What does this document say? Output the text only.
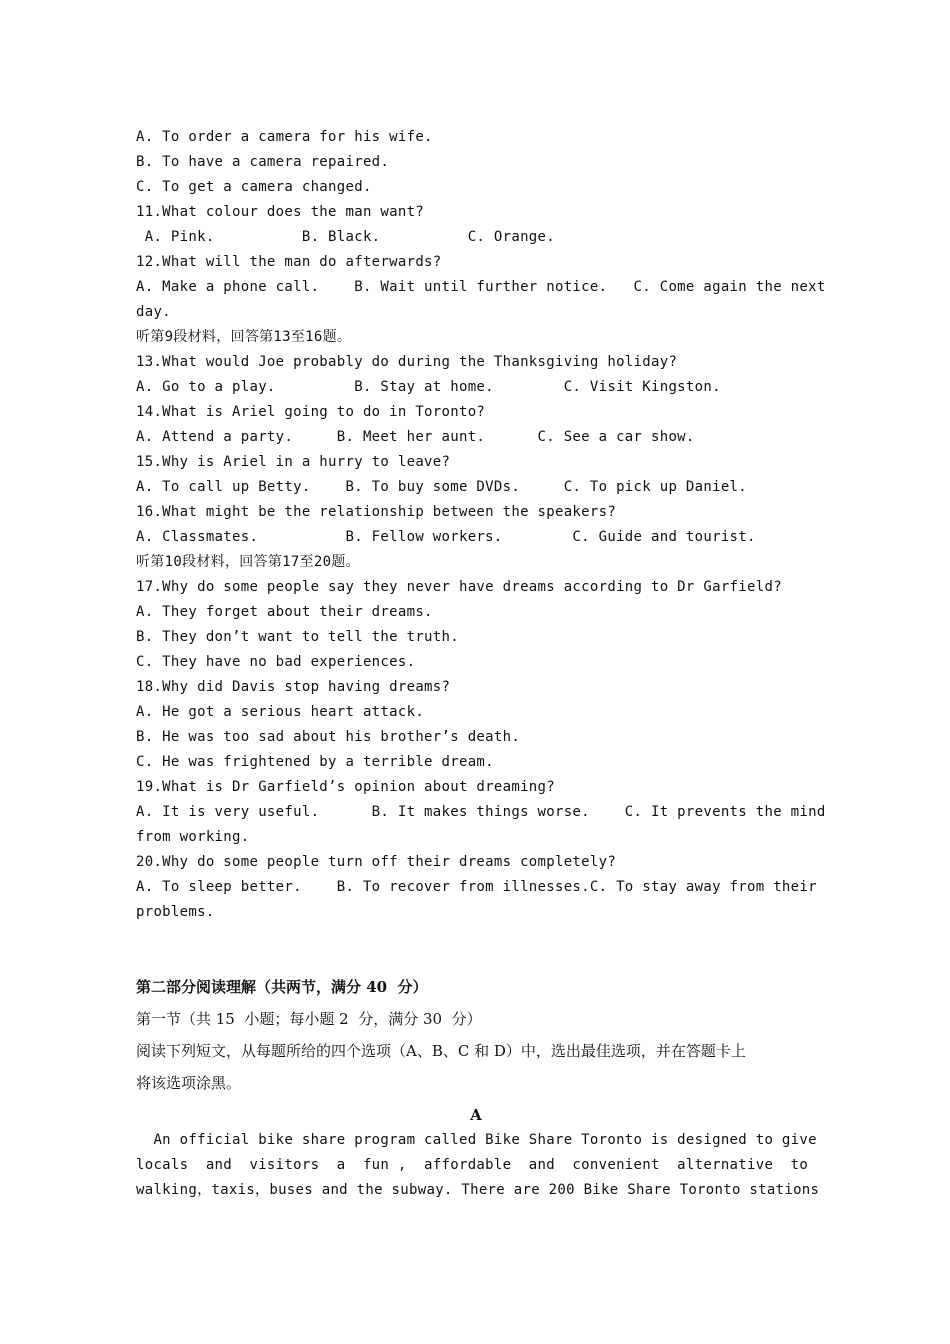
A. To order a camera for his wife.
B. To have a camera repaired.
C. To get a camera changed.
11.What colour does the man want?
A. Pink.          B. Black.          C. Orange.
12.What will the man do afterwards?
A. Make a phone call.    B. Wait until further notice.   C. Come again the next
day.
听第9段材料，回答第13至16题。
13.What would Joe probably do during the Thanksgiving holiday?
A. Go to a play.         B. Stay at home.        C. Visit Kingston.
14.What is Ariel going to do in Toronto?
A. Attend a party.     B. Meet her aunt.      C. See a car show.
15.Why is Ariel in a hurry to leave?
A. To call up Betty.    B. To buy some DVDs.     C. To pick up Daniel.
16.What might be the relationship between the speakers?
A. Classmates.          B. Fellow workers.        C. Guide and tourist.
听第10段材料，回答第17至20题。
17.Why do some people say they never have dreams according to Dr Garfield?
A. They forget about their dreams.
B. They don’t want to tell the truth.
C. They have no bad experiences.
18.Why did Davis stop having dreams?
A. He got a serious heart attack.
B. He was too sad about his brother’s death.
C. He was frightened by a terrible dream.
19.What is Dr Garfield’s opinion about dreaming?
A. It is very useful.      B. It makes things worse.    C. It prevents the mind
from working.
20.Why do some people turn off their dreams completely?
A. To sleep better.    B. To recover from illnesses.C. To stay away from their
problems.
第二部分阅读理解（共两节，满分 40  分）
第一节（共 15  小题；每小题 2  分，满分 30  分）
阅读下列短文，从每题所给的四个选项（A、B、C 和 D）中，选出最佳选项，并在答题卡上
将该选项涂黑。
A
An official bike share program called Bike Share Toronto is designed to give
locals  and  visitors  a  fun ,  affordable  and  convenient  alternative  to
walking，taxis，buses and the subway. There are 200 Bike Share Toronto stations
